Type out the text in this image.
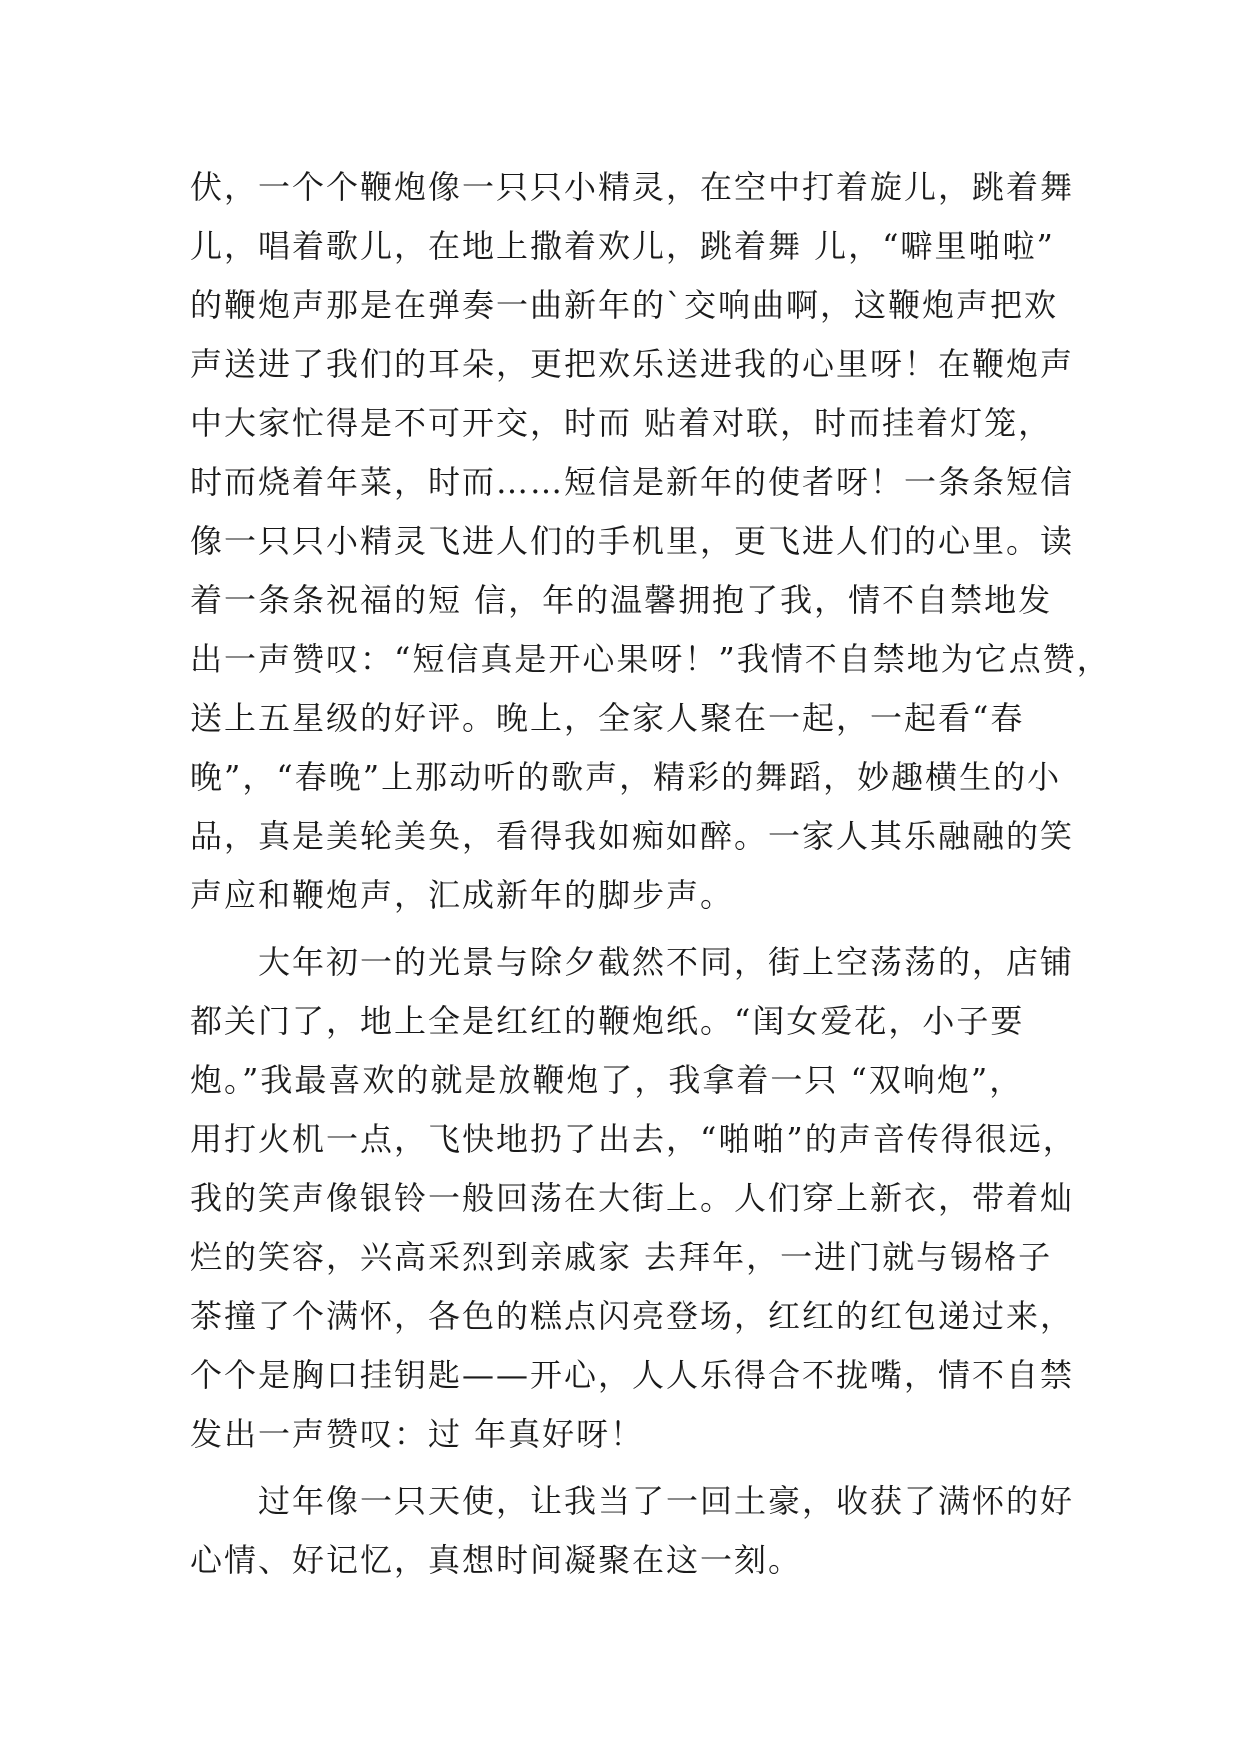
伏，一个个鞭炮像一只只小精灵，在空中打着旋儿，跳着舞
儿，唱着歌儿，在地上撒着欢儿，跳着舞 儿，“噼里啪啦”
的鞭炮声那是在弹奏一曲新年的`交响曲啊，这鞭炮声把欢
声送进了我们的耳朵，更把欢乐送进我的心里呀！在鞭炮声
中大家忙得是不可开交，时而 贴着对联，时而挂着灯笼，
时而烧着年菜，时而……短信是新年的使者呀！一条条短信
像一只只小精灵飞进人们的手机里，更飞进人们的心里。读
着一条条祝福的短 信，年的温馨拥抱了我，情不自禁地发
出一声赞叹：“短信真是开心果呀！”我情不自禁地为它点赞，
送上五星级的好评。晚上，全家人聚在一起，一起看“春
晚”，“春晚”上那动听的歌声，精彩的舞蹈，妙趣横生的小
品，真是美轮美奂，看得我如痴如醉。一家人其乐融融的笑
声应和鞭炮声，汇成新年的脚步声。
大年初一的光景与除夕截然不同，街上空荡荡的，店铺
都关门了，地上全是红红的鞭炮纸。“闺女爱花，小子要
炮。”我最喜欢的就是放鞭炮了，我拿着一只 “双响炮”，
用打火机一点，飞快地扔了出去，“啪啪”的声音传得很远，
我的笑声像银铃一般回荡在大街上。人们穿上新衣，带着灿
烂的笑容，兴高采烈到亲戚家 去拜年，一进门就与锡格子
茶撞了个满怀，各色的糕点闪亮登场，红红的红包递过来，
个个是胸口挂钥匙——开心，人人乐得合不拢嘴，情不自禁
发出一声赞叹：过 年真好呀！
过年像一只天使，让我当了一回土豪，收获了满怀的好
心情、好记忆，真想时间凝聚在这一刻。
